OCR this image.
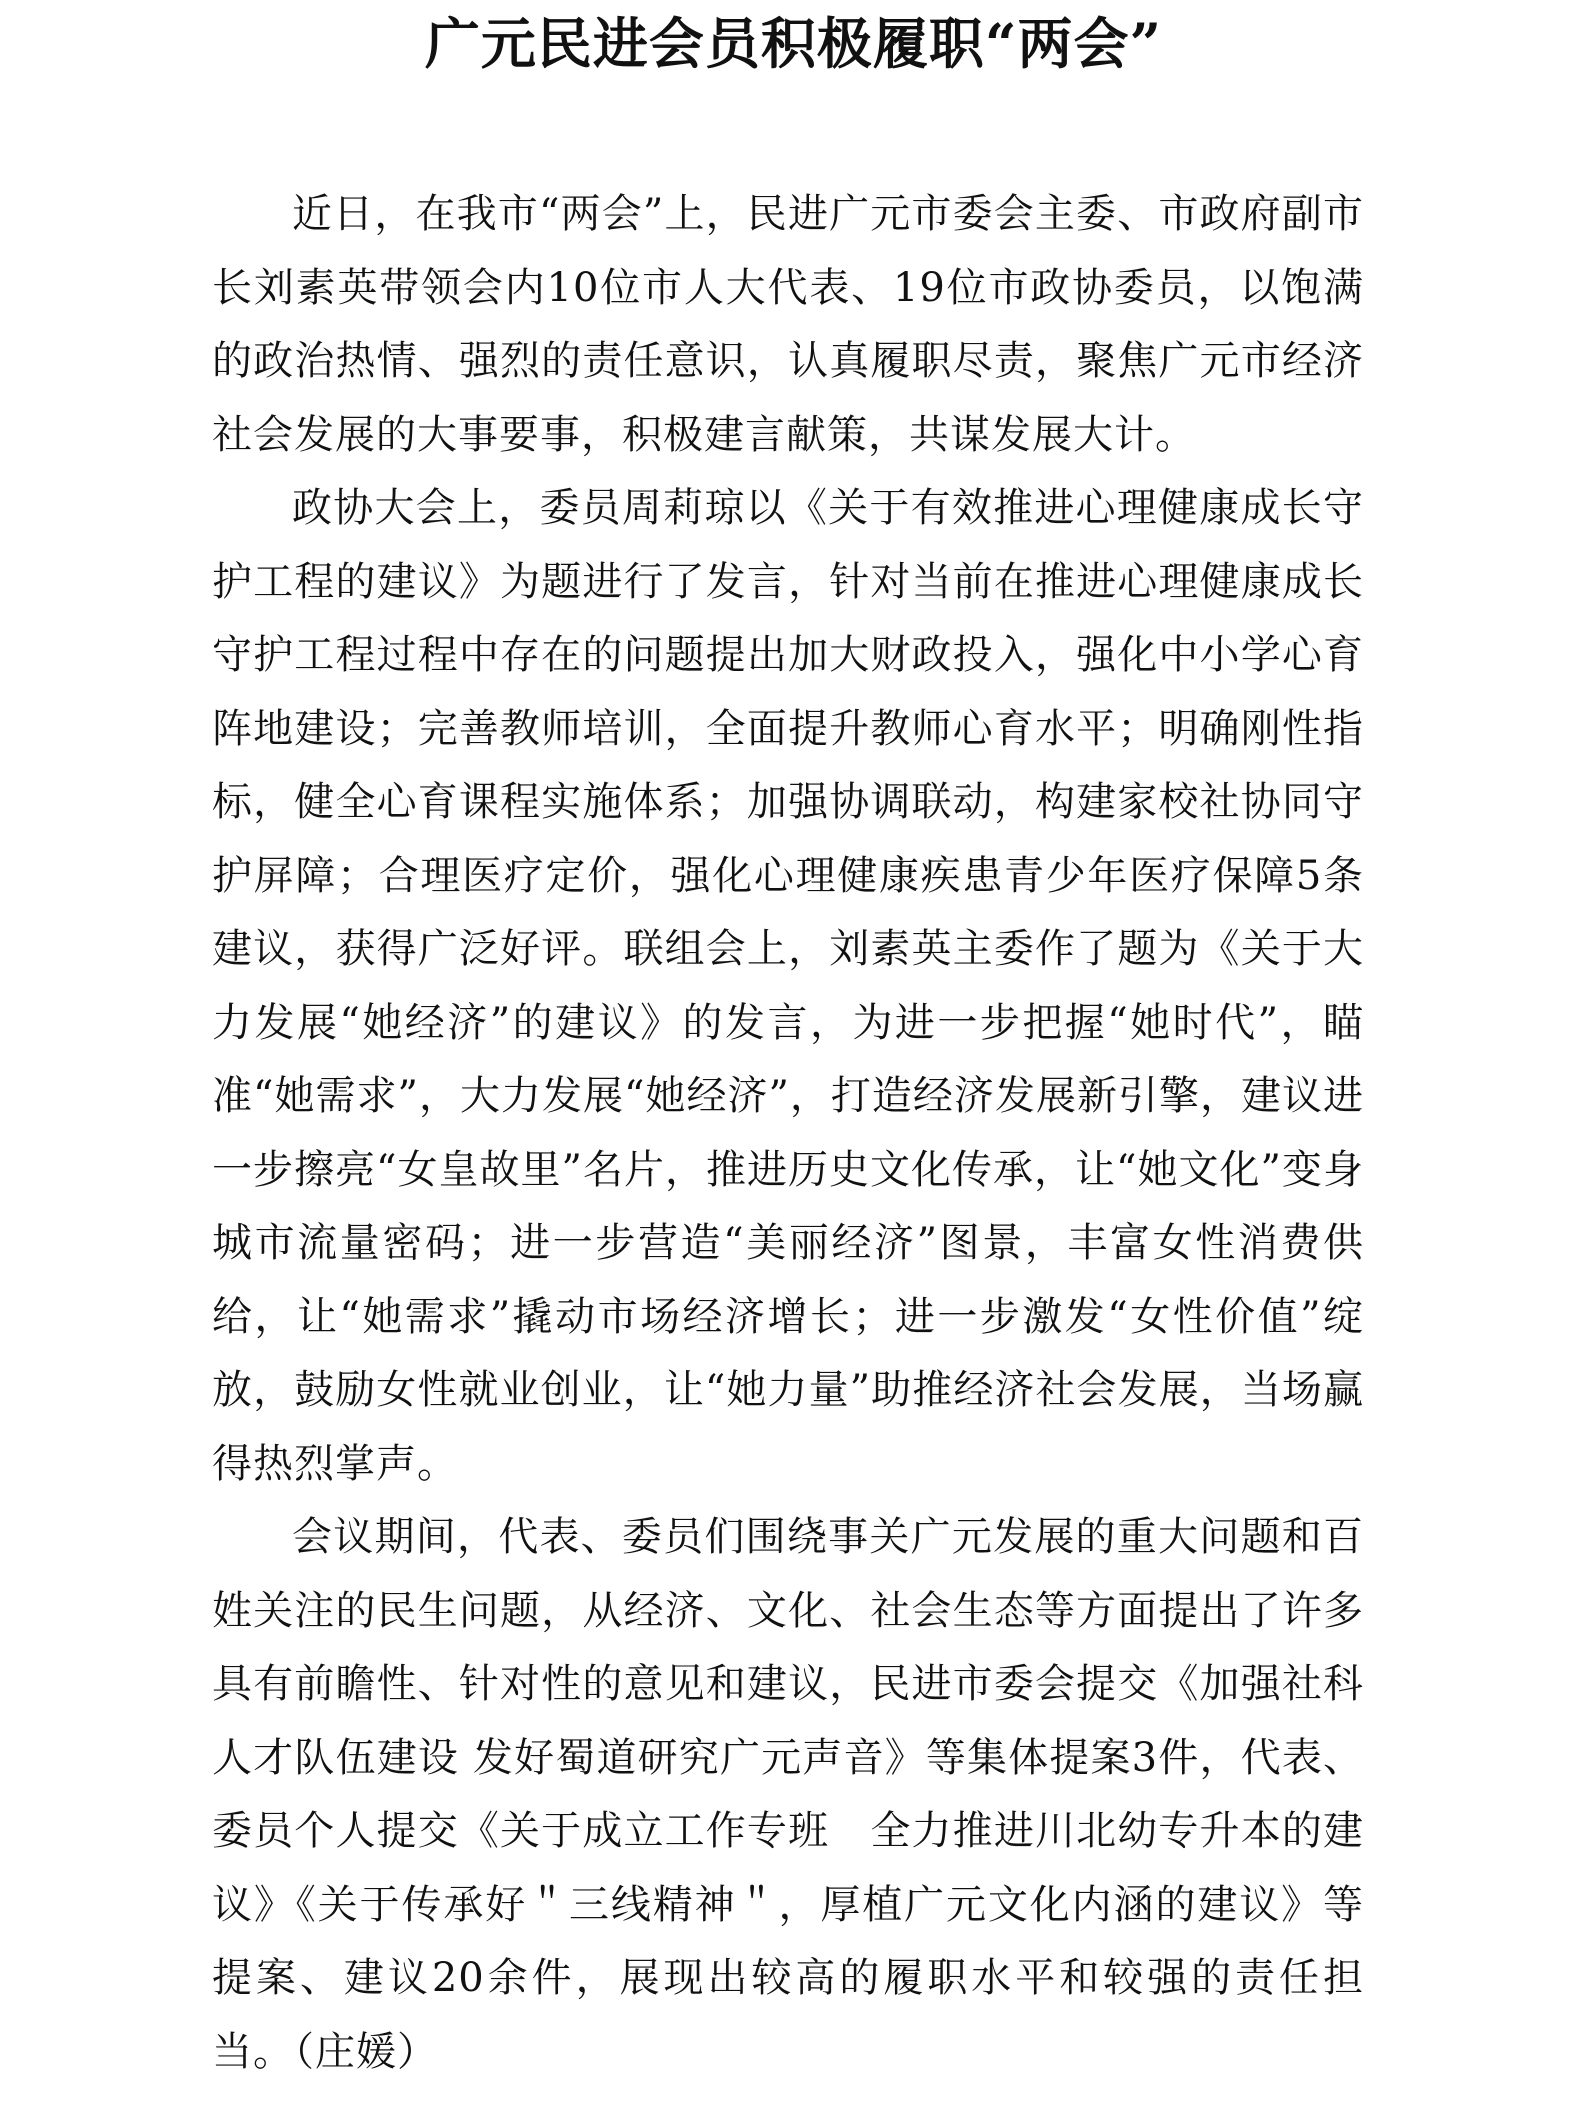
广元民进会员积极履职“两会”

近日，在我市“两会”上，民进广元市委会主委、市政府副市长刘素英带领会内10位市人大代表、19位市政协委员，以饱满的政治热情、强烈的责任意识，认真履职尽责，聚焦广元市经济社会发展的大事要事，积极建言献策，共谋发展大计。

政协大会上，委员周莉琼以《关于有效推进心理健康成长守护工程的建议》为题进行了发言，针对当前在推进心理健康成长守护工程过程中存在的问题提出加大财政投入，强化中小学心育阵地建设；完善教师培训，全面提升教师心育水平；明确刚性指标，健全心育课程实施体系；加强协调联动，构建家校社协同守护屏障；合理医疗定价，强化心理健康疾患青少年医疗保障5条建议，获得广泛好评。联组会上，刘素英主委作了题为《关于大力发展“她经济”的建议》的发言，为进一步把握“她时代”，瞄准“她需求”，大力发展“她经济”，打造经济发展新引擎，建议进一步擦亮“女皇故里”名片，推进历史文化传承，让“她文化”变身城市流量密码；进一步营造“美丽经济”图景，丰富女性消费供给，让“她需求”撬动市场经济增长；进一步激发“女性价值”绽放，鼓励女性就业创业，让“她力量”助推经济社会发展，当场赢得热烈掌声。

会议期间，代表、委员们围绕事关广元发展的重大问题和百姓关注的民生问题，从经济、文化、社会生态等方面提出了许多具有前瞻性、针对性的意见和建议，民进市委会提交《加强社科人才队伍建设 发好蜀道研究广元声音》等集体提案3件，代表、委员个人提交《关于成立工作专班　全力推进川北幼专升本的建议》《关于传承好＂三线精神＂，厚植广元文化内涵的建议》等提案、建议20余件，展现出较高的履职水平和较强的责任担当。（庄媛）
